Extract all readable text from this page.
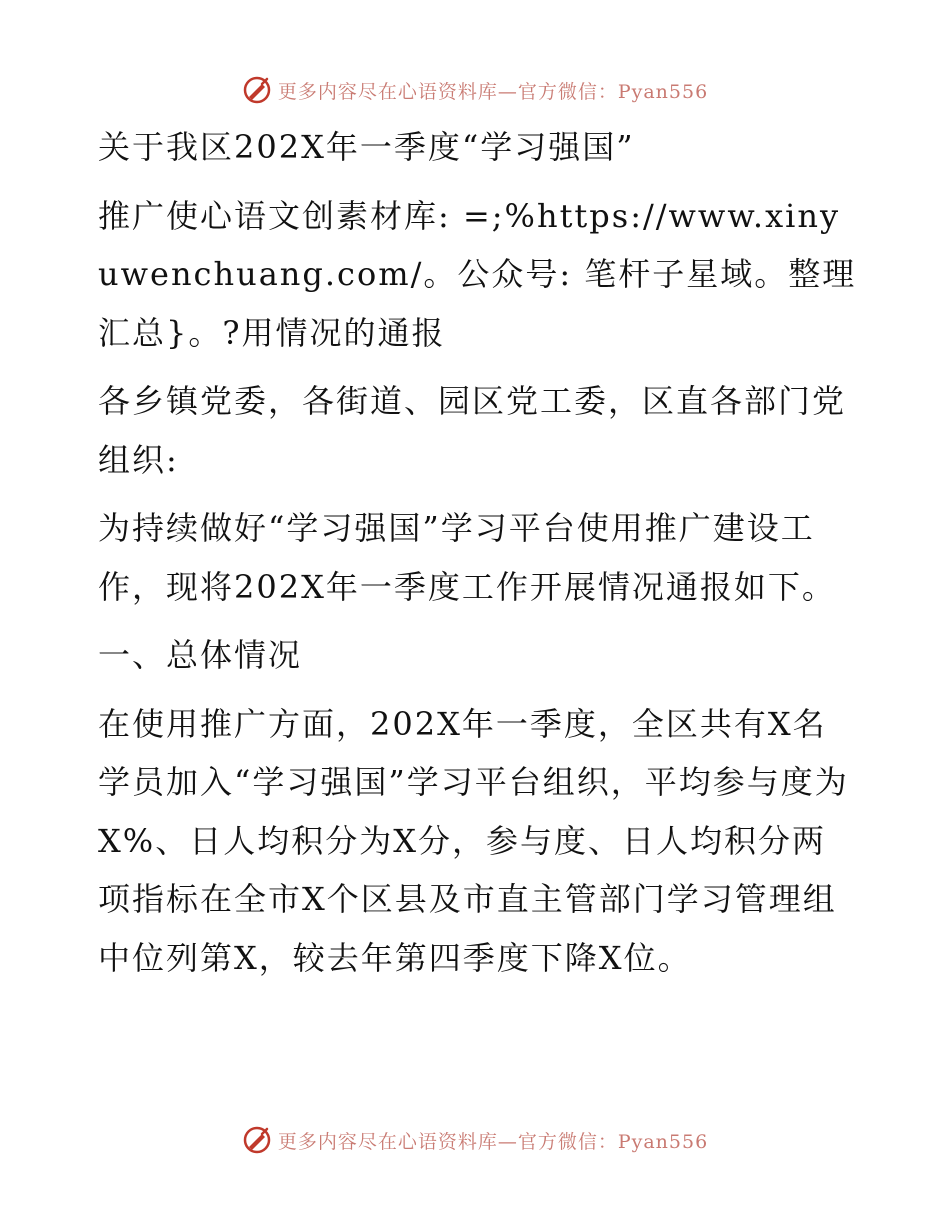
更多内容尽在心语资料库—官方微信：Pyan556

关于我区202X年一季度“学习强国”

推广使心语文创素材库: =;%https://www.xinyuwenchuang.com/。公众号: 笔杆子星域。整理汇总}。?用情况的通报

各乡镇党委，各街道、园区党工委，区直各部门党组织:

为持续做好“学习强国”学习平台使用推广建设工作，现将202X年一季度工作开展情况通报如下。

一、总体情况

在使用推广方面，202X年一季度，全区共有X名学员加入“学习强国”学习平台组织，平均参与度为X%、日人均积分为X分，参与度、日人均积分两项指标在全市X个区县及市直主管部门学习管理组中位列第X，较去年第四季度下降X位。

更多内容尽在心语资料库—官方微信：Pyan556
